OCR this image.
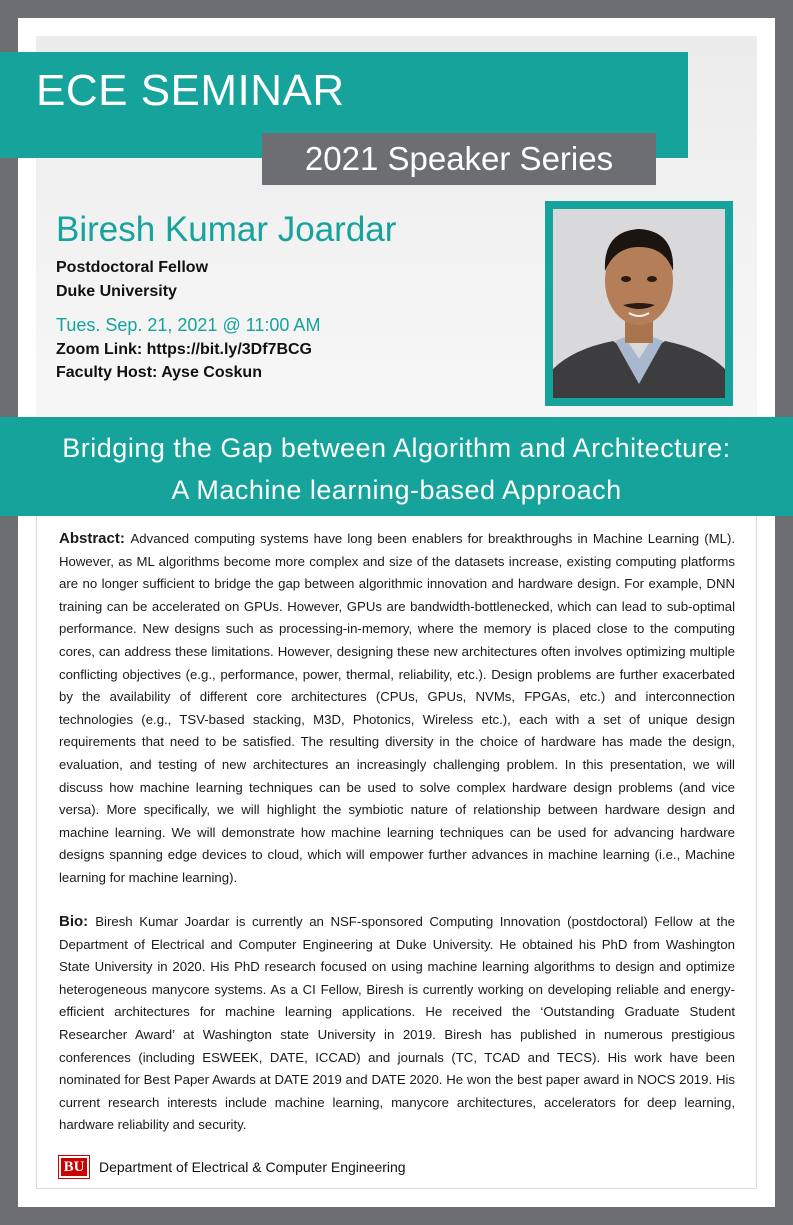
ECE SEMINAR
2021 Speaker Series
Biresh Kumar Joardar
Postdoctoral Fellow
Duke University
Tues. Sep. 21, 2021 @ 11:00 AM
Zoom Link: https://bit.ly/3Df7BCG
Faculty Host: Ayse Coskun
Bridging the Gap between Algorithm and Architecture:
A Machine learning-based Approach
Abstract: Advanced computing systems have long been enablers for breakthroughs in Machine Learning (ML). However, as ML algorithms become more complex and size of the datasets increase, existing computing platforms are no longer sufficient to bridge the gap between algorithmic innovation and hardware design. For example, DNN training can be accelerated on GPUs. However, GPUs are bandwidth-bottlenecked, which can lead to sub-optimal performance. New designs such as processing-in-memory, where the memory is placed close to the computing cores, can address these limitations. However, designing these new architectures often involves optimizing multiple conflicting objectives (e.g., performance, power, thermal, reliability, etc.). Design problems are further exacerbated by the availability of different core architectures (CPUs, GPUs, NVMs, FPGAs, etc.) and interconnection technologies (e.g., TSV-based stacking, M3D, Photonics, Wireless etc.), each with a set of unique design requirements that need to be satisfied. The resulting diversity in the choice of hardware has made the design, evaluation, and testing of new architectures an increasingly challenging problem. In this presentation, we will discuss how machine learning techniques can be used to solve complex hardware design problems (and vice versa). More specifically, we will highlight the symbiotic nature of relationship between hardware design and machine learning. We will demonstrate how machine learning techniques can be used for advancing hardware designs spanning edge devices to cloud, which will empower further advances in machine learning (i.e., Machine learning for machine learning).
Bio: Biresh Kumar Joardar is currently an NSF-sponsored Computing Innovation (postdoctoral) Fellow at the Department of Electrical and Computer Engineering at Duke University. He obtained his PhD from Washington State University in 2020. His PhD research focused on using machine learning algorithms to design and optimize heterogeneous manycore systems. As a CI Fellow, Biresh is currently working on developing reliable and energy-efficient architectures for machine learning applications. He received the ‘Outstanding Graduate Student Researcher Award’ at Washington state University in 2019. Biresh has published in numerous prestigious conferences (including ESWEEK, DATE, ICCAD) and journals (TC, TCAD and TECS). His work have been nominated for Best Paper Awards at DATE 2019 and DATE 2020. He won the best paper award in NOCS 2019. His current research interests include machine learning, manycore architectures, accelerators for deep learning, hardware reliability and security.
BU	Department of Electrical & Computer Engineering
